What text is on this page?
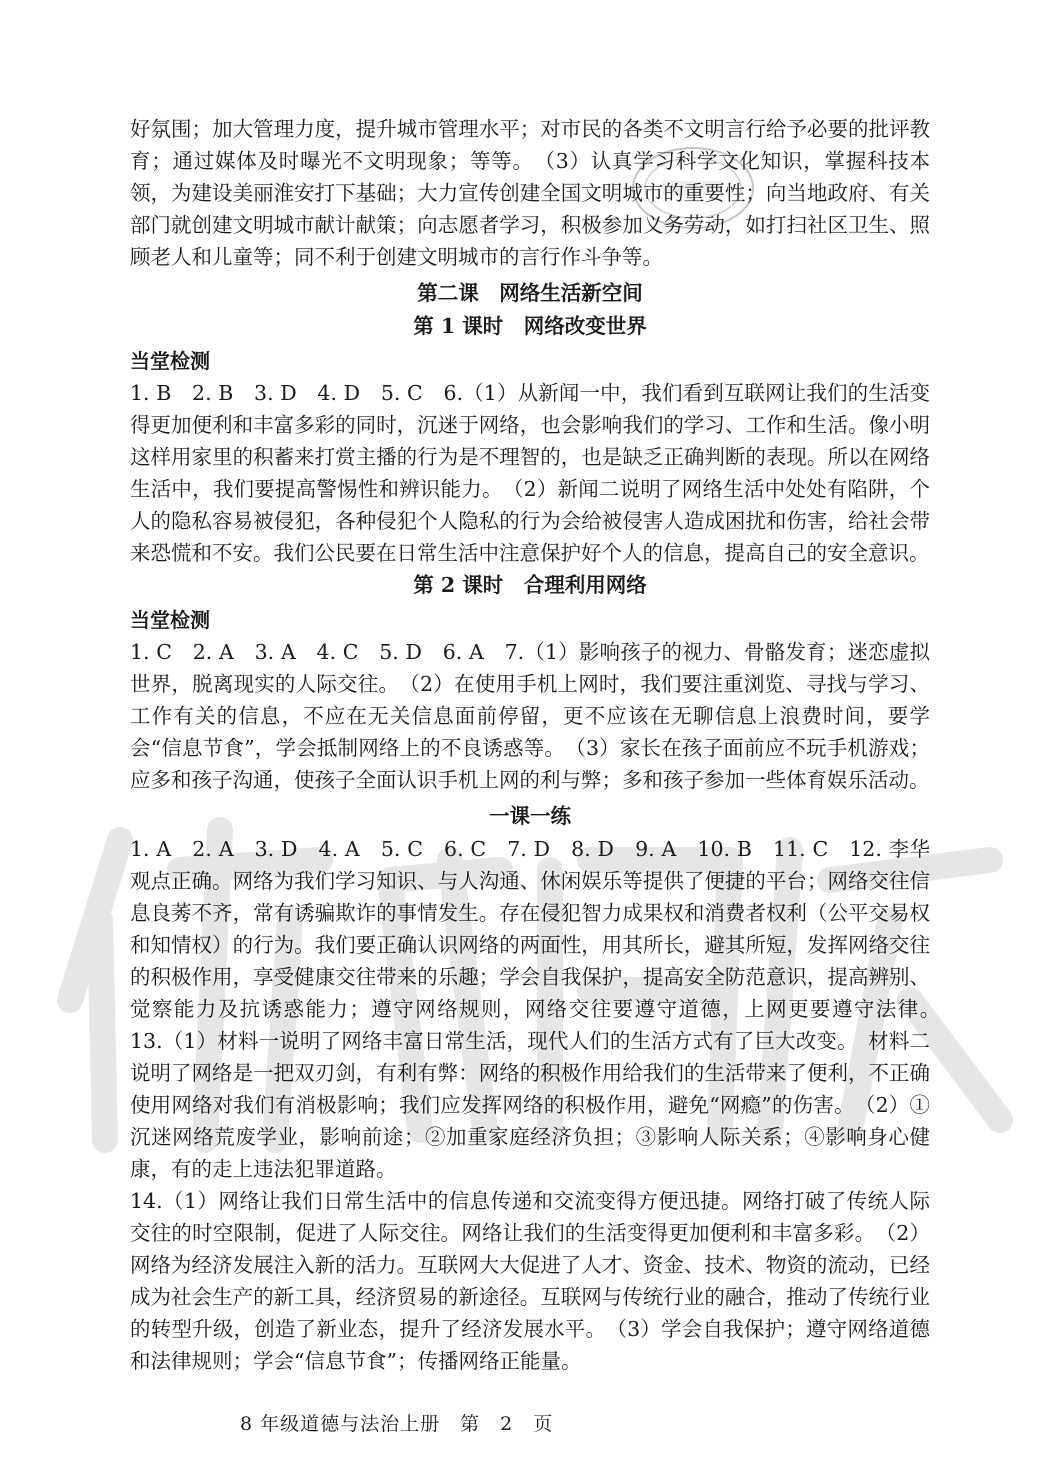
好氛围；加大管理力度，提升城市管理水平；对市民的各类不文明言行给予必要的批评教育；通过媒体及时曝光不文明现象；等等。　（3）认真学习科学文化知识，掌握科技本领，为建设美丽淮安打下基础；大力宣传创建全国文明城市的重要性；向当地政府、有关部门就创建文明城市献计献策；向志愿者学习，积极参加义务劳动，如打扫社区卫生、照顾老人和儿童等；同不利于创建文明城市的言行作斗争等。

第二课　网络生活新空间

第 1 课时　网络改变世界

当堂检测

1. B　2. B　3. D　4. D　5. C　6.（1）从新闻一中，我们看到互联网让我们的生活变得更加便利和丰富多彩的同时，沉迷于网络，也会影响我们的学习、工作和生活。像小明这样用家里的积蓄来打赏主播的行为是不理智的，也是缺乏正确判断的表现。所以在网络生活中，我们要提高警惕性和辨识能力。　（2）新闻二说明了网络生活中处处有陷阱，个人的隐私容易被侵犯，各种侵犯个人隐私的行为会给被侵害人造成困扰和伤害，给社会带来恐慌和不安。我们公民要在日常生活中注意保护好个人的信息，提高自己的安全意识。

第 2 课时　合理利用网络

当堂检测

1. C　2. A　3. A　4. C　5. D　6. A　7.（1）影响孩子的视力、骨骼发育；迷恋虚拟世界，脱离现实的人际交往。　（2）在使用手机上网时，我们要注重浏览、寻找与学习、工作有关的信息，不应在无关信息面前停留，更不应该在无聊信息上浪费时间，要学会“信息节食”，学会抵制网络上的不良诱惑等。　（3）家长在孩子面前应不玩手机游戏；应多和孩子沟通，使孩子全面认识手机上网的利与弊；多和孩子参加一些体育娱乐活动。

一课一练

1. A　2. A　3. D　4. A　5. C　6. C　7. D　8. D　9. A　10. B　11. C　12. 李华观点正确。网络为我们学习知识、与人沟通、休闲娱乐等提供了便捷的平台；网络交往信息良莠不齐，常有诱骗欺诈的事情发生。存在侵犯智力成果权和消费者权利（公平交易权和知情权）的行为。我们要正确认识网络的两面性，用其所长，避其所短，发挥网络交往的积极作用，享受健康交往带来的乐趣；学会自我保护，提高安全防范意识，提高辨别、觉察能力及抗诱惑能力；遵守网络规则，网络交往要遵守道德，上网更要遵守法律。　13.（1）材料一说明了网络丰富日常生活，现代人们的生活方式有了巨大改变。　材料二说明了网络是一把双刃剑，有利有弊：网络的积极作用给我们的生活带来了便利，不正确使用网络对我们有消极影响；我们应发挥网络的积极作用，避免“网瘾”的伤害。　（2）①沉迷网络荒废学业，影响前途；②加重家庭经济负担；③影响人际关系；④影响身心健康，有的走上违法犯罪道路。

14.（1）网络让我们日常生活中的信息传递和交流变得方便迅捷。网络打破了传统人际交往的时空限制，促进了人际交往。网络让我们的生活变得更加便利和丰富多彩。　（2）网络为经济发展注入新的活力。互联网大大促进了人才、资金、技术、物资的流动，已经成为社会生产的新工具，经济贸易的新途径。互联网与传统行业的融合，推动了传统行业的转型升级，创造了新业态，提升了经济发展水平。　（3）学会自我保护；遵守网络道德和法律规则；学会“信息节食”；传播网络正能量。

8 年级道德与法治上册　第　2　页
